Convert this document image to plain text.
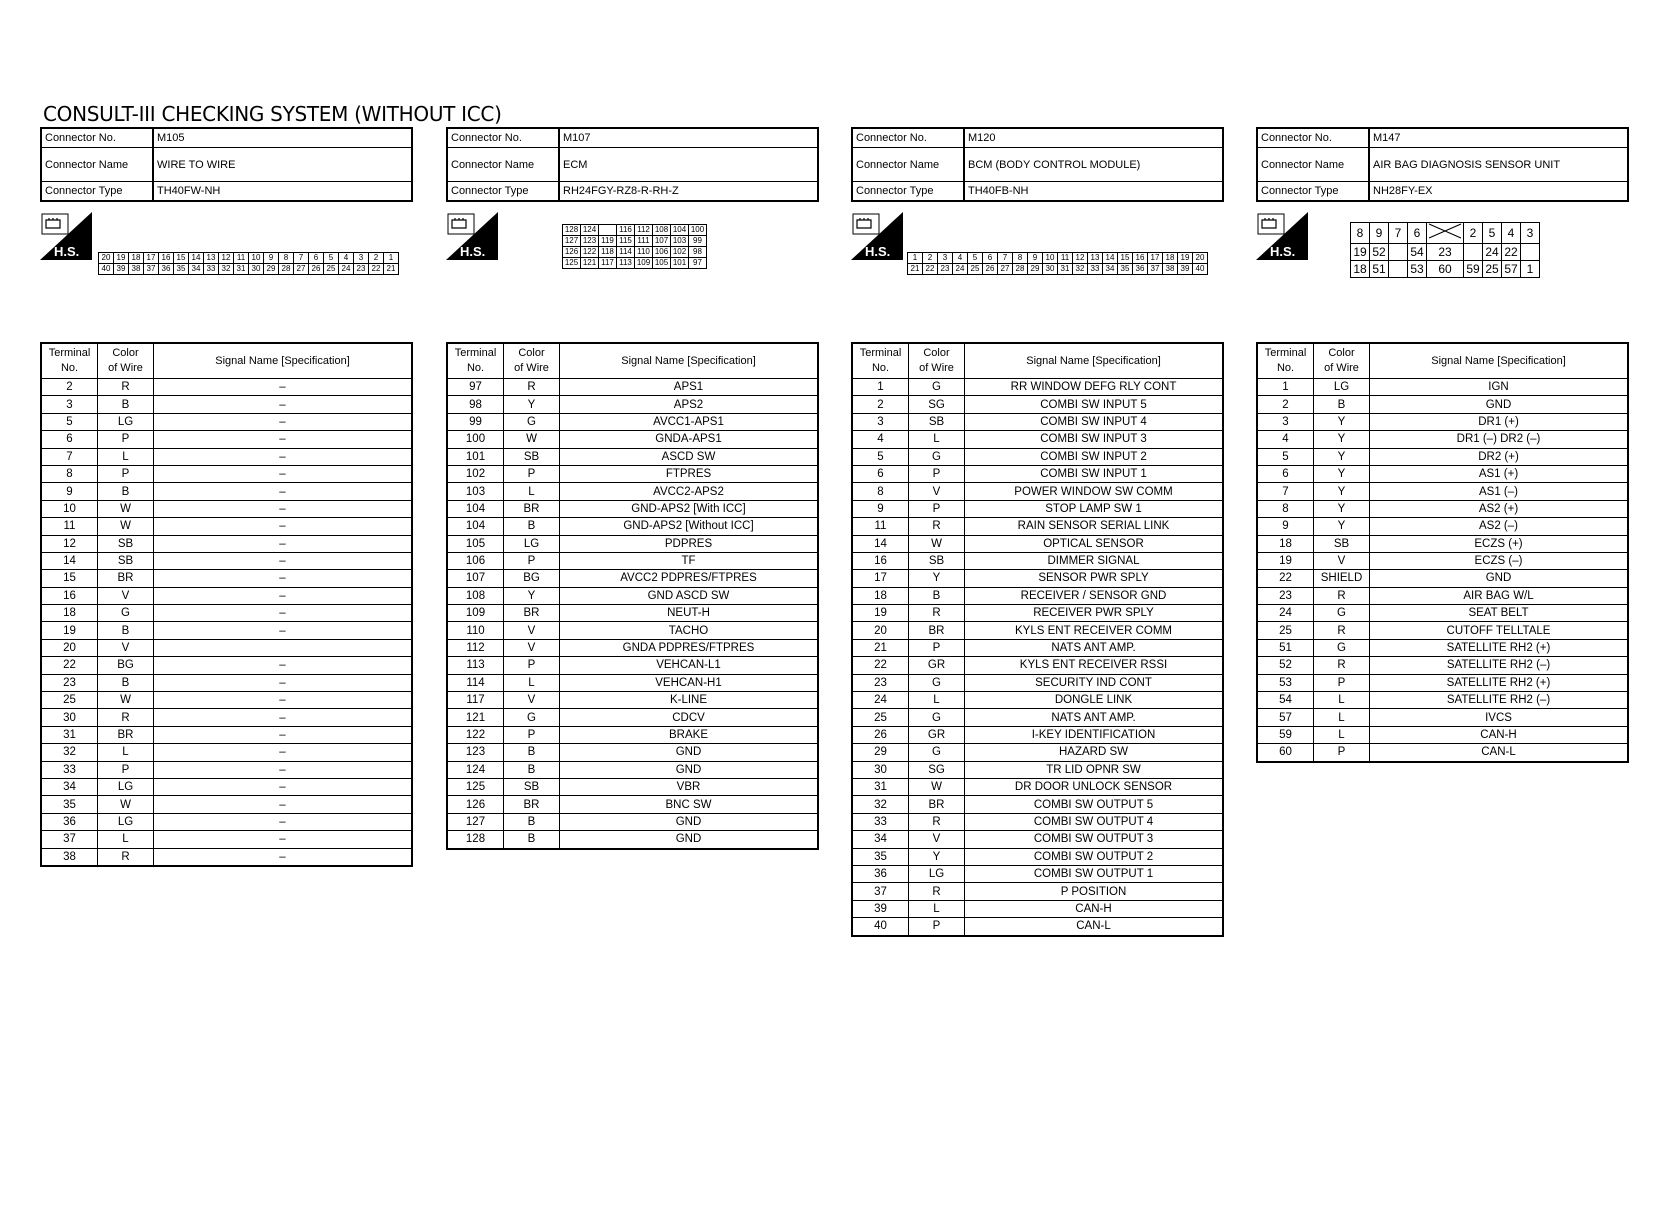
CONSULT-III CHECKING SYSTEM (WITHOUT ICC)
Connector No.	M105
Connector Name	WIRE TO WIRE
Connector Type	TH40FW-NH
H.S.	20	19	18	17	16	15	14	13	12	11	10	9	8	7	6	5	4	3	2	1
40	39	38	37	36	35	34	33	32	31	30	29	28	27	26	25	24	23	22	21
Terminal
No.	Color
of Wire	Signal Name [Specification]
2	R	–
3	B	–
5	LG	–
6	P	–
7	L	–
8	P	–
9	B	–
10	W	–
11	W	–
12	SB	–
14	SB	–
15	BR	–
16	V	–
18	G	–
19	B	–
20	V	
22	BG	–
23	B	–
25	W	–
30	R	–
31	BR	–
32	L	–
33	P	–
34	LG	–
35	W	–
36	LG	–
37	L	–
38	R	–
Connector No.	M107
Connector Name	ECM
Connector Type	RH24FGY-RZ8-R-RH-Z
H.S.
128	124		116	112	108	104	100
127	123	119	115	111	107	103	99
126	122	118	114	110	106	102	98
125	121	117	113	109	105	101	97
Terminal
No.	Color
of Wire	Signal Name [Specification]
97	R	APS1
98	Y	APS2
99	G	AVCC1-APS1
100	W	GNDA-APS1
101	SB	ASCD SW
102	P	FTPRES
103	L	AVCC2-APS2
104	BR	GND-APS2 [With ICC]
104	B	GND-APS2 [Without ICC]
105	LG	PDPRES
106	P	TF
107	BG	AVCC2 PDPRES/FTPRES
108	Y	GND ASCD SW
109	BR	NEUT-H
110	V	TACHO
112	V	GNDA PDPRES/FTPRES
113	P	VEHCAN-L1
114	L	VEHCAN-H1
117	V	K-LINE
121	G	CDCV
122	P	BRAKE
123	B	GND
124	B	GND
125	SB	VBR
126	BR	BNC SW
127	B	GND
128	B	GND
Connector No.	M120
Connector Name	BCM (BODY CONTROL MODULE)
Connector Type	TH40FB-NH
H.S.	1	2	3	4	5	6	7	8	9	10	11	12	13	14	15	16	17	18	19	20
21	22	23	24	25	26	27	28	29	30	31	32	33	34	35	36	37	38	39	40
Terminal
No.	Color
of Wire	Signal Name [Specification]
1	G	RR WINDOW DEFG RLY CONT
2	SG	COMBI SW INPUT 5
3	SB	COMBI SW INPUT 4
4	L	COMBI SW INPUT 3
5	G	COMBI SW INPUT 2
6	P	COMBI SW INPUT 1
8	V	POWER WINDOW SW COMM
9	P	STOP LAMP SW 1
11	R	RAIN SENSOR SERIAL LINK
14	W	OPTICAL SENSOR
16	SB	DIMMER SIGNAL
17	Y	SENSOR PWR SPLY
18	B	RECEIVER / SENSOR GND
19	R	RECEIVER PWR SPLY
20	BR	KYLS ENT RECEIVER COMM
21	P	NATS ANT AMP.
22	GR	KYLS ENT RECEIVER RSSI
23	G	SECURITY IND CONT
24	L	DONGLE LINK
25	G	NATS ANT AMP.
26	GR	I-KEY IDENTIFICATION
29	G	HAZARD SW
30	SG	TR LID OPNR SW
31	W	DR DOOR UNLOCK SENSOR
32	BR	COMBI SW OUTPUT 5
33	R	COMBI SW OUTPUT 4
34	V	COMBI SW OUTPUT 3
35	Y	COMBI SW OUTPUT 2
36	LG	COMBI SW OUTPUT 1
37	R	P POSITION
39	L	CAN-H
40	P	CAN-L
Connector No.	M147
Connector Name	AIR BAG DIAGNOSIS SENSOR UNIT
Connector Type	NH28FY-EX
H.S.
8	9	7	6		2	5	4	3
19	52		54	23		24	22	
18	51		53	60	59	25	57	1
Terminal
No.	Color
of Wire	Signal Name [Specification]
1	LG	IGN
2	B	GND
3	Y	DR1 (+)
4	Y	DR1 (–) DR2 (–)
5	Y	DR2 (+)
6	Y	AS1 (+)
7	Y	AS1 (–)
8	Y	AS2 (+)
9	Y	AS2 (–)
18	SB	ECZS (+)
19	V	ECZS (–)
22	SHIELD	GND
23	R	AIR BAG W/L
24	G	SEAT BELT
25	R	CUTOFF TELLTALE
51	G	SATELLITE RH2 (+)
52	R	SATELLITE RH2 (–)
53	P	SATELLITE RH2 (+)
54	L	SATELLITE RH2 (–)
57	L	IVCS
59	L	CAN-H
60	P	CAN-L
